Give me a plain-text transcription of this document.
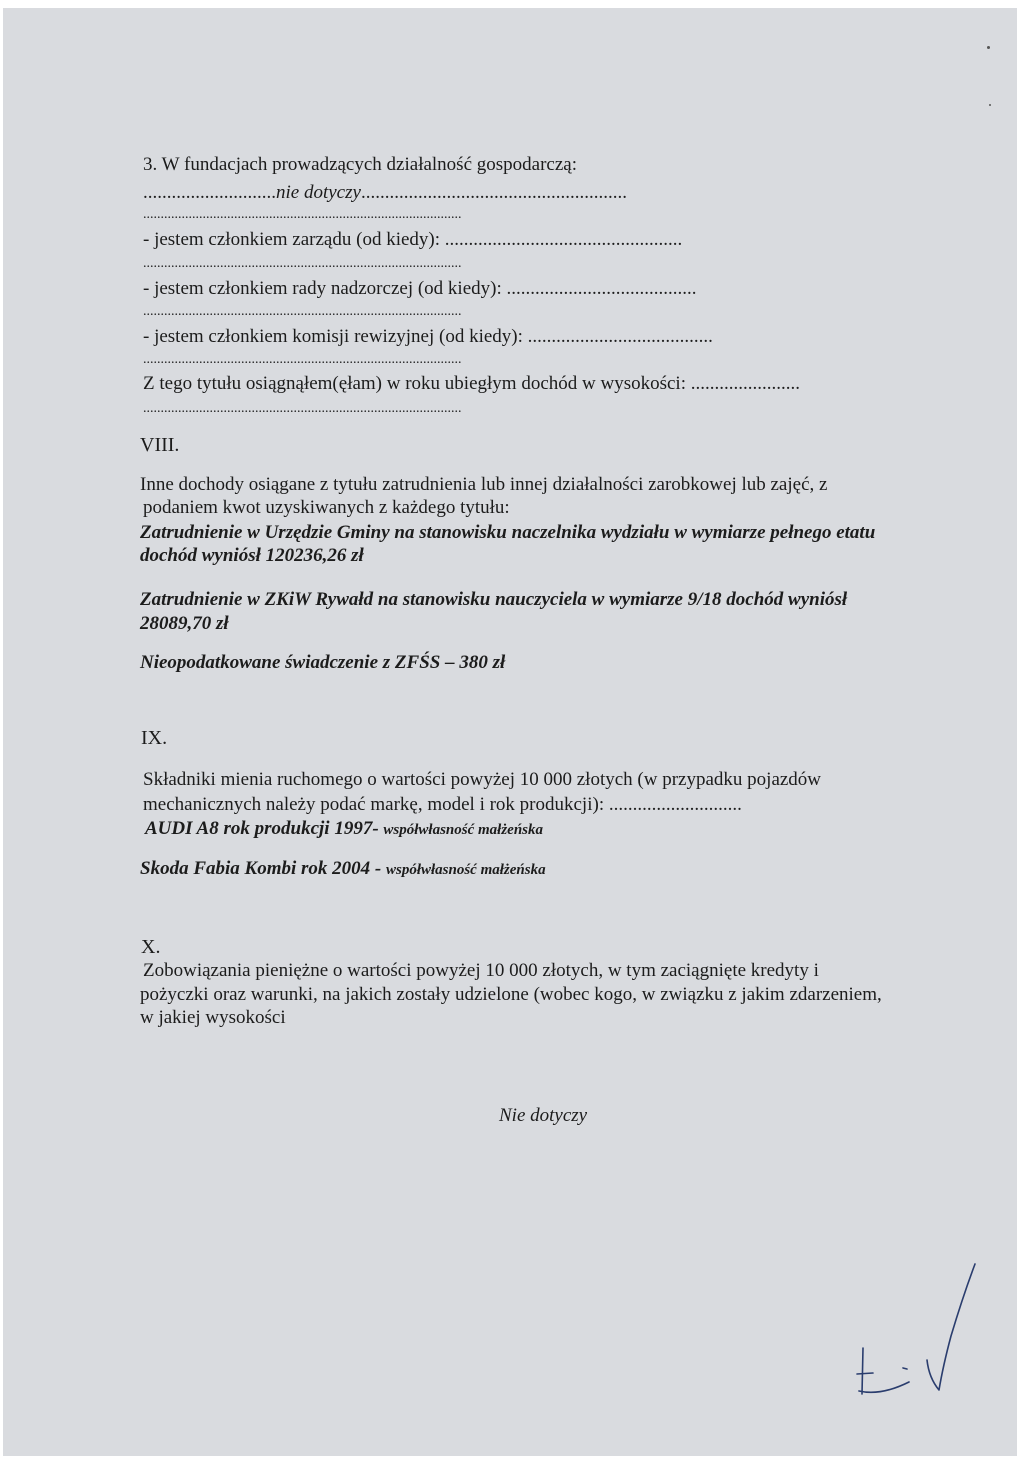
3. W fundacjach prowadzących działalność gospodarczą:
............................nie dotyczy........................................................
...........................................................................................
- jestem członkiem zarządu (od kiedy): ..................................................
...........................................................................................
- jestem członkiem rady nadzorczej (od kiedy): ........................................
...........................................................................................
- jestem członkiem komisji rewizyjnej (od kiedy): .......................................
...........................................................................................
Z tego tytułu osiągnąłem(ęłam) w roku ubiegłym dochód w wysokości: .......................
...........................................................................................
VIII.
Inne dochody osiągane z tytułu zatrudnienia lub innej działalności zarobkowej lub zajęć, z
podaniem kwot uzyskiwanych z każdego tytułu:
Zatrudnienie w Urzędzie Gminy na stanowisku naczelnika wydziału w wymiarze pełnego etatu
dochód wyniósł 120236,26 zł
Zatrudnienie w ZKiW Rywałd na stanowisku nauczyciela w wymiarze 9/18 dochód wyniósł
28089,70 zł
Nieopodatkowane świadczenie z ZFŚS – 380 zł
IX.
Składniki mienia ruchomego o wartości powyżej 10 000 złotych (w przypadku pojazdów
mechanicznych należy podać markę, model i rok produkcji): ............................
AUDI A8 rok produkcji 1997- współwłasność małżeńska
Skoda Fabia Kombi rok 2004 - współwłasność małżeńska
X.
Zobowiązania pieniężne o wartości powyżej 10 000 złotych, w tym zaciągnięte kredyty i
pożyczki oraz warunki, na jakich zostały udzielone (wobec kogo, w związku z jakim zdarzeniem,
w jakiej wysokości
Nie dotyczy
